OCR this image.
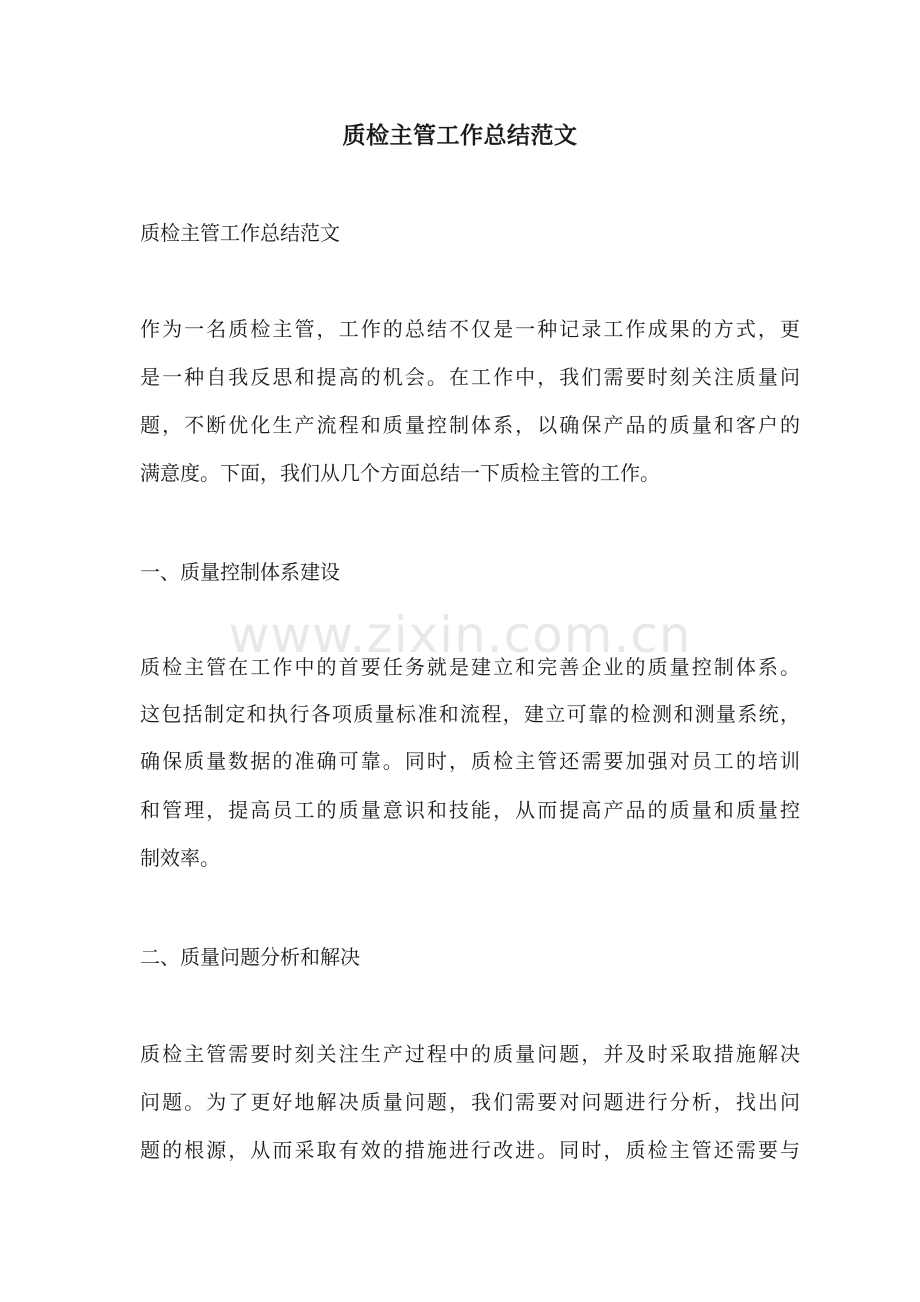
质检主管工作总结范文
质检主管工作总结范文
作为一名质检主管，工作的总结不仅是一种记录工作成果的方式，更
是一种自我反思和提高的机会。在工作中，我们需要时刻关注质量问
题，不断优化生产流程和质量控制体系，以确保产品的质量和客户的
满意度。下面，我们从几个方面总结一下质检主管的工作。
一、质量控制体系建设
质检主管在工作中的首要任务就是建立和完善企业的质量控制体系。
这包括制定和执行各项质量标准和流程，建立可靠的检测和测量系统，
确保质量数据的准确可靠。同时，质检主管还需要加强对员工的培训
和管理，提高员工的质量意识和技能，从而提高产品的质量和质量控
制效率。
二、质量问题分析和解决
质检主管需要时刻关注生产过程中的质量问题，并及时采取措施解决
问题。为了更好地解决质量问题，我们需要对问题进行分析，找出问
题的根源，从而采取有效的措施进行改进。同时，质检主管还需要与
www.zixin.com.cn
